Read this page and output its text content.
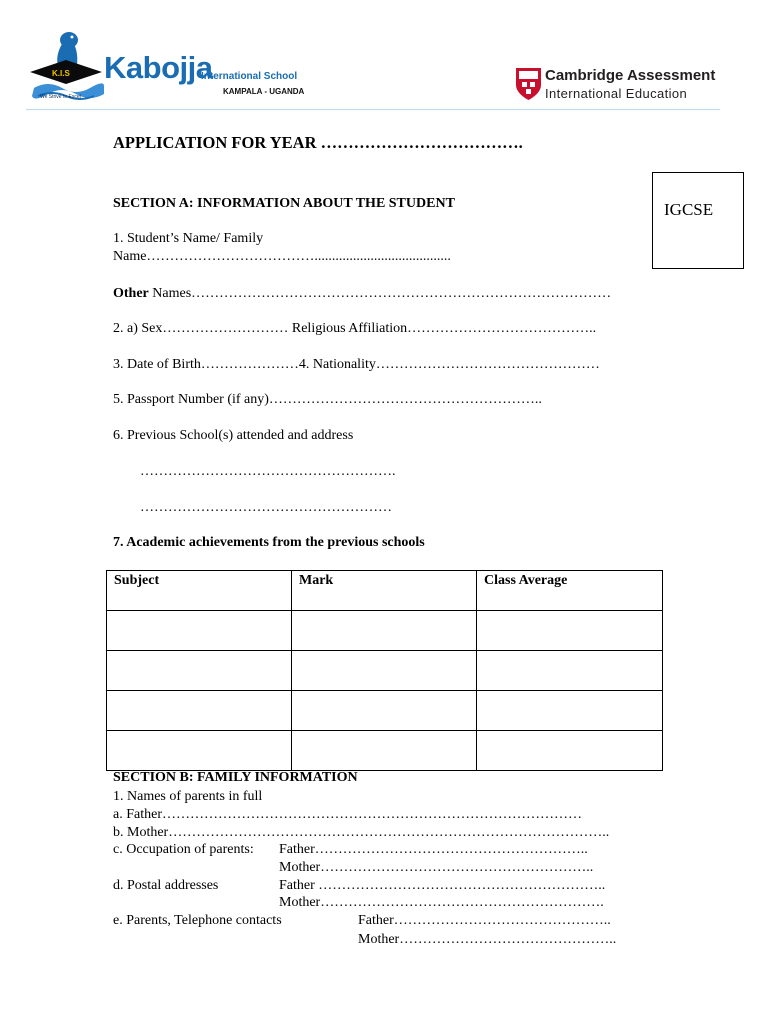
K.I.S
We Strive to Excel
Kabojja
International School
KAMPALA - UGANDA
Cambridge Assessment
International Education
APPLICATION FOR YEAR ……………………………….
IGCSE
SECTION A: INFORMATION ABOUT THE STUDENT
1. Student’s Name/ Family
Name……………………………….......................................
Other Names………………………………………………………………………………
2. a) Sex……………………… Religious Affiliation…………………………………..
3. Date of Birth…………………4. Nationality…………………………………………
5. Passport Number (if any)…………………………………………………..
6. Previous School(s) attended and address
……………………………………………….
………………………………………………
7. Academic achievements from the previous schools
Subject	Mark	Class Average

SECTION B: FAMILY INFORMATION
1. Names of parents in full
a. Father………………………………………………………………………………
b. Mother…………………………………………………………………………………..
c. Occupation of parents: Father…………………………………………………..
Mother…………………………………………………..
d. Postal addresses	Father ……………………………………………………..
Mother…………………………………………………….
e. Parents, Telephone contacts	Father………………………………………..
Mother………………………………………..
